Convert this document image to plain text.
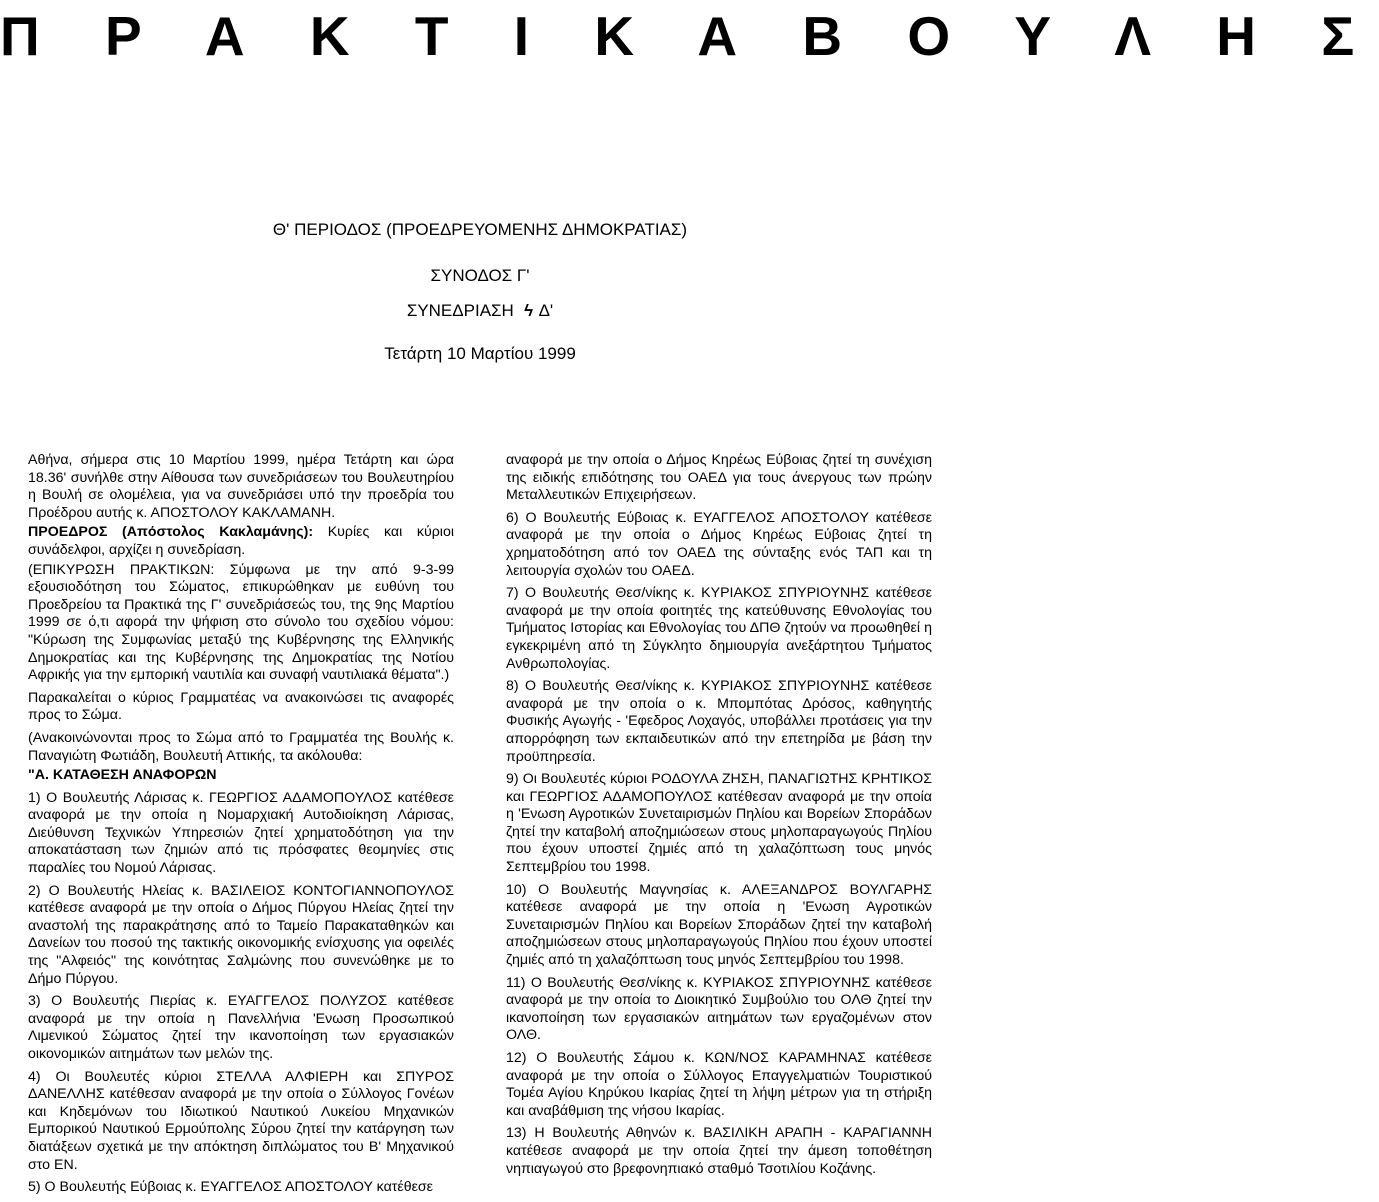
Π Ρ Α Κ Τ Ι Κ Α Β Ο Υ Λ Η Σ
Θ' ΠΕΡΙΟΔΟΣ (ΠΡΟΕΔΡΕΥΟΜΕΝΗΣ ΔΗΜΟΚΡΑΤΙΑΣ)
ΣΥΝΟΔΟΣ Γ'
ΣΥΝΕΔΡΙΑΣΗ ϟ Δ'
Τετάρτη 10 Μαρτίου 1999

Αθήνα, σήμερα στις 10 Μαρτίου 1999, ημέρα Τετάρτη και ώρα 18.36' συνήλθε στην Αίθουσα των συνεδριάσεων του Βουλευτηρίου η Βουλή σε ολομέλεια, για να συνεδριάσει υπό την προεδρία του Προέδρου αυτής κ. ΑΠΟΣΤΟΛΟΥ ΚΑΚΛΑΜΑΝΗ.

ΠΡΟΕΔΡΟΣ (Απόστολος Κακλαμάνης): Κυρίες και κύριοι συνάδελφοι, αρχίζει η συνεδρίαση.

(ΕΠΙΚΥΡΩΣΗ ΠΡΑΚΤΙΚΩΝ: Σύμφωνα με την από 9-3-99 εξουσιοδότηση του Σώματος, επικυρώθηκαν με ευθύνη του Προεδρείου τα Πρακτικά της Γ' συνεδριάσεώς του, της 9ης Μαρτίου 1999 σε ό,τι αφορά την ψήφιση στο σύνολο του σχεδίου νόμου: "Κύρωση της Συμφωνίας μεταξύ της Κυβέρνησης της Ελληνικής Δημοκρατίας και της Κυβέρνησης της Δημοκρατίας της Νοτίου Αφρικής για την εμπορική ναυτιλία και συναφή ναυτιλιακά θέματα".)

Παρακαλείται ο κύριος Γραμματέας να ανακοινώσει τις αναφορές προς το Σώμα.

(Ανακοινώνονται προς το Σώμα από το Γραμματέα της Βουλής κ. Παναγιώτη Φωτιάδη, Βουλευτή Αττικής, τα ακόλουθα:

"Α. ΚΑΤΑΘΕΣΗ ΑΝΑΦΟΡΩΝ

1) Ο Βουλευτής Λάρισας κ. ΓΕΩΡΓΙΟΣ ΑΔΑΜΟΠΟΥΛΟΣ κατέθεσε αναφορά με την οποία η Νομαρχιακή Αυτοδιοίκηση Λάρισας, Διεύθυνση Τεχνικών Υπηρεσιών ζητεί χρηματοδότηση για την αποκατάσταση των ζημιών από τις πρόσφατες θεομηνίες στις παραλίες του Νομού Λάρισας.

2) Ο Βουλευτής Ηλείας κ. ΒΑΣΙΛΕΙΟΣ ΚΟΝΤΟΓΙΑΝΝΟΠΟΥΛΟΣ κατέθεσε αναφορά με την οποία ο Δήμος Πύργου Ηλείας ζητεί την αναστολή της παρακράτησης από το Ταμείο Παρακαταθηκών και Δανείων του ποσού της τακτικής οικονομικής ενίσχυσης για οφειλές της "Αλφειός" της κοινότητας Σαλμώνης που συνενώθηκε με το Δήμο Πύργου.

3) Ο Βουλευτής Πιερίας κ. ΕΥΑΓΓΕΛΟΣ ΠΟΛΥΖΟΣ κατέθεσε αναφορά με την οποία η Πανελλήνια 'Ενωση Προσωπικού Λιμενικού Σώματος ζητεί την ικανοποίηση των εργασιακών οικονομικών αιτημάτων των μελών της.

4) Οι Βουλευτές κύριοι ΣΤΕΛΛΑ ΑΛΦΙΕΡΗ και ΣΠΥΡΟΣ ΔΑΝΕΛΛΗΣ κατέθεσαν αναφορά με την οποία ο Σύλλογος Γονέων και Κηδεμόνων του Ιδιωτικού Ναυτικού Λυκείου Μηχανικών Εμπορικού Ναυτικού Ερμούπολης Σύρου ζητεί την κατάργηση των διατάξεων σχετικά με την απόκτηση διπλώματος του Β' Μηχανικού στο ΕΝ.

5) Ο Βουλευτής Εύβοιας κ. ΕΥΑΓΓΕΛΟΣ ΑΠΟΣΤΟΛΟΥ κατέθεσε

αναφορά με την οποία ο Δήμος Κηρέως Εύβοιας ζητεί τη συνέχιση της ειδικής επιδότησης του ΟΑΕΔ για τους άνεργους των πρώην Μεταλλευτικών Επιχειρήσεων.

6) Ο Βουλευτής Εύβοιας κ. ΕΥΑΓΓΕΛΟΣ ΑΠΟΣΤΟΛΟΥ κατέθεσε αναφορά με την οποία ο Δήμος Κηρέως Εύβοιας ζητεί τη χρηματοδότηση από τον ΟΑΕΔ της σύνταξης ενός ΤΑΠ και τη λειτουργία σχολών του ΟΑΕΔ.

7) Ο Βουλευτής Θεσ/νίκης κ. ΚΥΡΙΑΚΟΣ ΣΠΥΡΙΟΥΝΗΣ κατέθεσε αναφορά με την οποία φοιτητές της κατεύθυνσης Εθνολογίας του Τμήματος Ιστορίας και Εθνολογίας του ΔΠΘ ζητούν να προωθηθεί η εγκεκριμένη από τη Σύγκλητο δημιουργία ανεξάρτητου Τμήματος Ανθρωπολογίας.

8) Ο Βουλευτής Θεσ/νίκης κ. ΚΥΡΙΑΚΟΣ ΣΠΥΡΙΟΥΝΗΣ κατέθεσε αναφορά με την οποία ο κ. Μπομπότας Δρόσος, καθηγητής Φυσικής Αγωγής - 'Εφεδρος Λοχαγός, υποβάλλει προτάσεις για την απορρόφηση των εκπαιδευτικών από την επετηρίδα με βάση την προϋπηρεσία.

9) Οι Βουλευτές κύριοι ΡΟΔΟΥΛΑ ΖΗΣΗ, ΠΑΝΑΓΙΩΤΗΣ ΚΡΗΤΙΚΟΣ και ΓΕΩΡΓΙΟΣ ΑΔΑΜΟΠΟΥΛΟΣ κατέθεσαν αναφορά με την οποία η 'Ενωση Αγροτικών Συνεταιρισμών Πηλίου και Βορείων Σποράδων ζητεί την καταβολή αποζημιώσεων στους μηλοπαραγωγούς Πηλίου που έχουν υποστεί ζημιές από τη χαλαζόπτωση τους μηνός Σεπτεμβρίου του 1998.

10) Ο Βουλευτής Μαγνησίας κ. ΑΛΕΞΑΝΔΡΟΣ ΒΟΥΛΓΑΡΗΣ κατέθεσε αναφορά με την οποία η 'Ενωση Αγροτικών Συνεταιρισμών Πηλίου και Βορείων Σποράδων ζητεί την καταβολή αποζημιώσεων στους μηλοπαραγωγούς Πηλίου που έχουν υποστεί ζημιές από τη χαλαζόπτωση τους μηνός Σεπτεμβρίου του 1998.

11) Ο Βουλευτής Θεσ/νίκης κ. ΚΥΡΙΑΚΟΣ ΣΠΥΡΙΟΥΝΗΣ κατέθεσε αναφορά με την οποία το Διοικητικό Συμβούλιο του ΟΛΘ ζητεί την ικανοποίηση των εργασιακών αιτημάτων των εργαζομένων στον ΟΛΘ.

12) Ο Βουλευτής Σάμου κ. ΚΩΝ/ΝΟΣ ΚΑΡΑΜΗΝΑΣ κατέθεσε αναφορά με την οποία ο Σύλλογος Επαγγελματιών Τουριστικού Τομέα Αγίου Κηρύκου Ικαρίας ζητεί τη λήψη μέτρων για τη στήριξη και αναβάθμιση της νήσου Ικαρίας.

13) Η Βουλευτής Αθηνών κ. ΒΑΣΙΛΙΚΗ ΑΡΑΠΗ - ΚΑΡΑΓΙΑΝΝΗ κατέθεσε αναφορά με την οποία ζητεί την άμεση τοποθέτηση νηπιαγωγού στο βρεφονηπιακό σταθμό Τσοτιλίου Κοζάνης.
